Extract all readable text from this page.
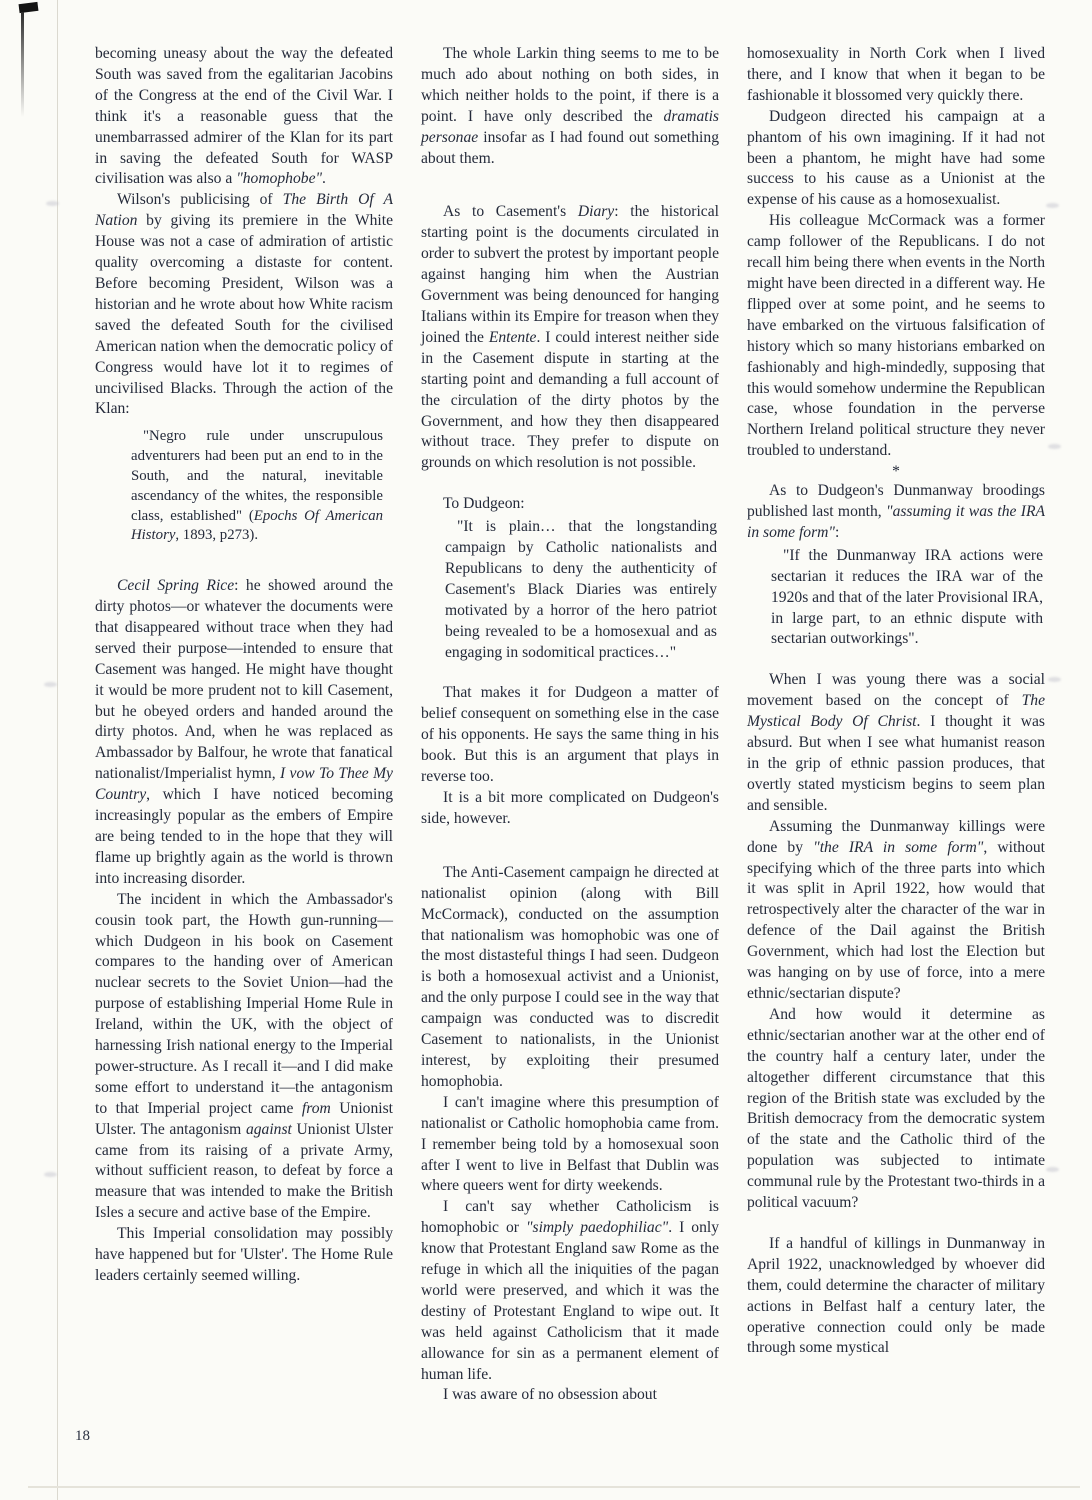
becoming uneasy about the way the defeated South was saved from the egalitarian Jacobins of the Congress at the end of the Civil War. I think it's a reasonable guess that the unembarrassed admirer of the Klan for its part in saving the defeated South for WASP civilisation was also a "homophobe".
Wilson's publicising of The Birth Of A Nation by giving its premiere in the White House was not a case of admiration of artistic quality overcoming a distaste for content. Before becoming President, Wilson was a historian and he wrote about how White racism saved the defeated South for the civilised American nation when the democratic policy of Congress would have lot it to regimes of uncivilised Blacks. Through the action of the Klan:
"Negro rule under unscrupulous adventurers had been put an end to in the South, and the natural, inevitable ascendancy of the whites, the responsible class, established" (Epochs Of American History, 1893, p273).
Cecil Spring Rice: he showed around the dirty photos—or whatever the documents were that disappeared without trace when they had served their purpose—intended to ensure that Casement was hanged. He might have thought it would be more prudent not to kill Casement, but he obeyed orders and handed around the dirty photos. And, when he was replaced as Ambassador by Balfour, he wrote that fanatical nationalist/Imperialist hymn, I vow To Thee My Country, which I have noticed becoming increasingly popular as the embers of Empire are being tended to in the hope that they will flame up brightly again as the world is thrown into increasing disorder.
The incident in which the Ambassador's cousin took part, the Howth gun-running—which Dudgeon in his book on Casement compares to the handing over of American nuclear secrets to the Soviet Union—had the purpose of establishing Imperial Home Rule in Ireland, within the UK, with the object of harnessing Irish national energy to the Imperial power-structure. As I recall it—and I did make some effort to understand it—the antagonism to that Imperial project came from Unionist Ulster. The antagonism against Unionist Ulster came from its raising of a private Army, without sufficient reason, to defeat by force a measure that was intended to make the British Isles a secure and active base of the Empire.
This Imperial consolidation may possibly have happened but for 'Ulster'. The Home Rule leaders certainly seemed willing.
The whole Larkin thing seems to me to be much ado about nothing on both sides, in which neither holds to the point, if there is a point. I have only described the dramatis personae insofar as I had found out something about them.
As to Casement's Diary: the historical starting point is the documents circulated in order to subvert the protest by important people against hanging him when the Austrian Government was being denounced for hanging Italians within its Empire for treason when they joined the Entente. I could interest neither side in the Casement dispute in starting at the starting point and demanding a full account of the circulation of the dirty photos by the Government, and how they then disappeared without trace. They prefer to dispute on grounds on which resolution is not possible.
To Dudgeon:
"It is plain… that the longstanding campaign by Catholic nationalists and Republicans to deny the authenticity of Casement's Black Diaries was entirely motivated by a horror of the hero patriot being revealed to be a homosexual and as engaging in sodomitical practices…"
That makes it for Dudgeon a matter of belief consequent on something else in the case of his opponents. He says the same thing in his book. But this is an argument that plays in reverse too.
It is a bit more complicated on Dudgeon's side, however.
The Anti-Casement campaign he directed at nationalist opinion (along with Bill McCormack), conducted on the assumption that nationalism was homophobic was one of the most distasteful things I had seen. Dudgeon is both a homosexual activist and a Unionist, and the only purpose I could see in the way that campaign was conducted was to discredit Casement to nationalists, in the Unionist interest, by exploiting their presumed homophobia.
I can't imagine where this presumption of nationalist or Catholic homophobia came from. I remember being told by a homosexual soon after I went to live in Belfast that Dublin was where queers went for dirty weekends.
I can't say whether Catholicism is homophobic or "simply paedophiliac". I only know that Protestant England saw Rome as the refuge in which all the iniquities of the pagan world were preserved, and which it was the destiny of Protestant England to wipe out. It was held against Catholicism that it made allowance for sin as a permanent element of human life.
I was aware of no obsession about
homosexuality in North Cork when I lived there, and I know that when it began to be fashionable it blossomed very quickly there.
Dudgeon directed his campaign at a phantom of his own imagining. If it had not been a phantom, he might have had some success to his cause as a Unionist at the expense of his cause as a homosexualist.
His colleague McCormack was a former camp follower of the Republicans. I do not recall him being there when events in the North might have been directed in a different way. He flipped over at some point, and he seems to have embarked on the virtuous falsification of history which so many historians embarked on fashionably and high-mindedly, supposing that this would somehow undermine the Republican case, whose foundation in the perverse Northern Ireland political structure they never troubled to understand.
*
As to Dudgeon's Dunmanway broodings published last month, "assuming it was the IRA in some form":
"If the Dunmanway IRA actions were sectarian it reduces the IRA war of the 1920s and that of the later Provisional IRA, in large part, to an ethnic dispute with sectarian outworkings".
When I was young there was a social movement based on the concept of The Mystical Body Of Christ. I thought it was absurd. But when I see what humanist reason in the grip of ethnic passion produces, that overtly stated mysticism begins to seem plan and sensible.
Assuming the Dunmanway killings were done by "the IRA in some form", without specifying which of the three parts into which it was split in April 1922, how would that retrospectively alter the character of the war in defence of the Dail against the British Government, which had lost the Election but was hanging on by use of force, into a mere ethnic/sectarian dispute?
And how would it determine as ethnic/sectarian another war at the other end of the country half a century later, under the altogether different circumstance that this region of the British state was excluded by the British democracy from the democratic system of the state and the Catholic third of the population was subjected to intimate communal rule by the Protestant two-thirds in a political vacuum?
If a handful of killings in Dunmanway in April 1922, unacknowledged by whoever did them, could determine the character of military actions in Belfast half a century later, the operative connection could only be made through some mystical
18
